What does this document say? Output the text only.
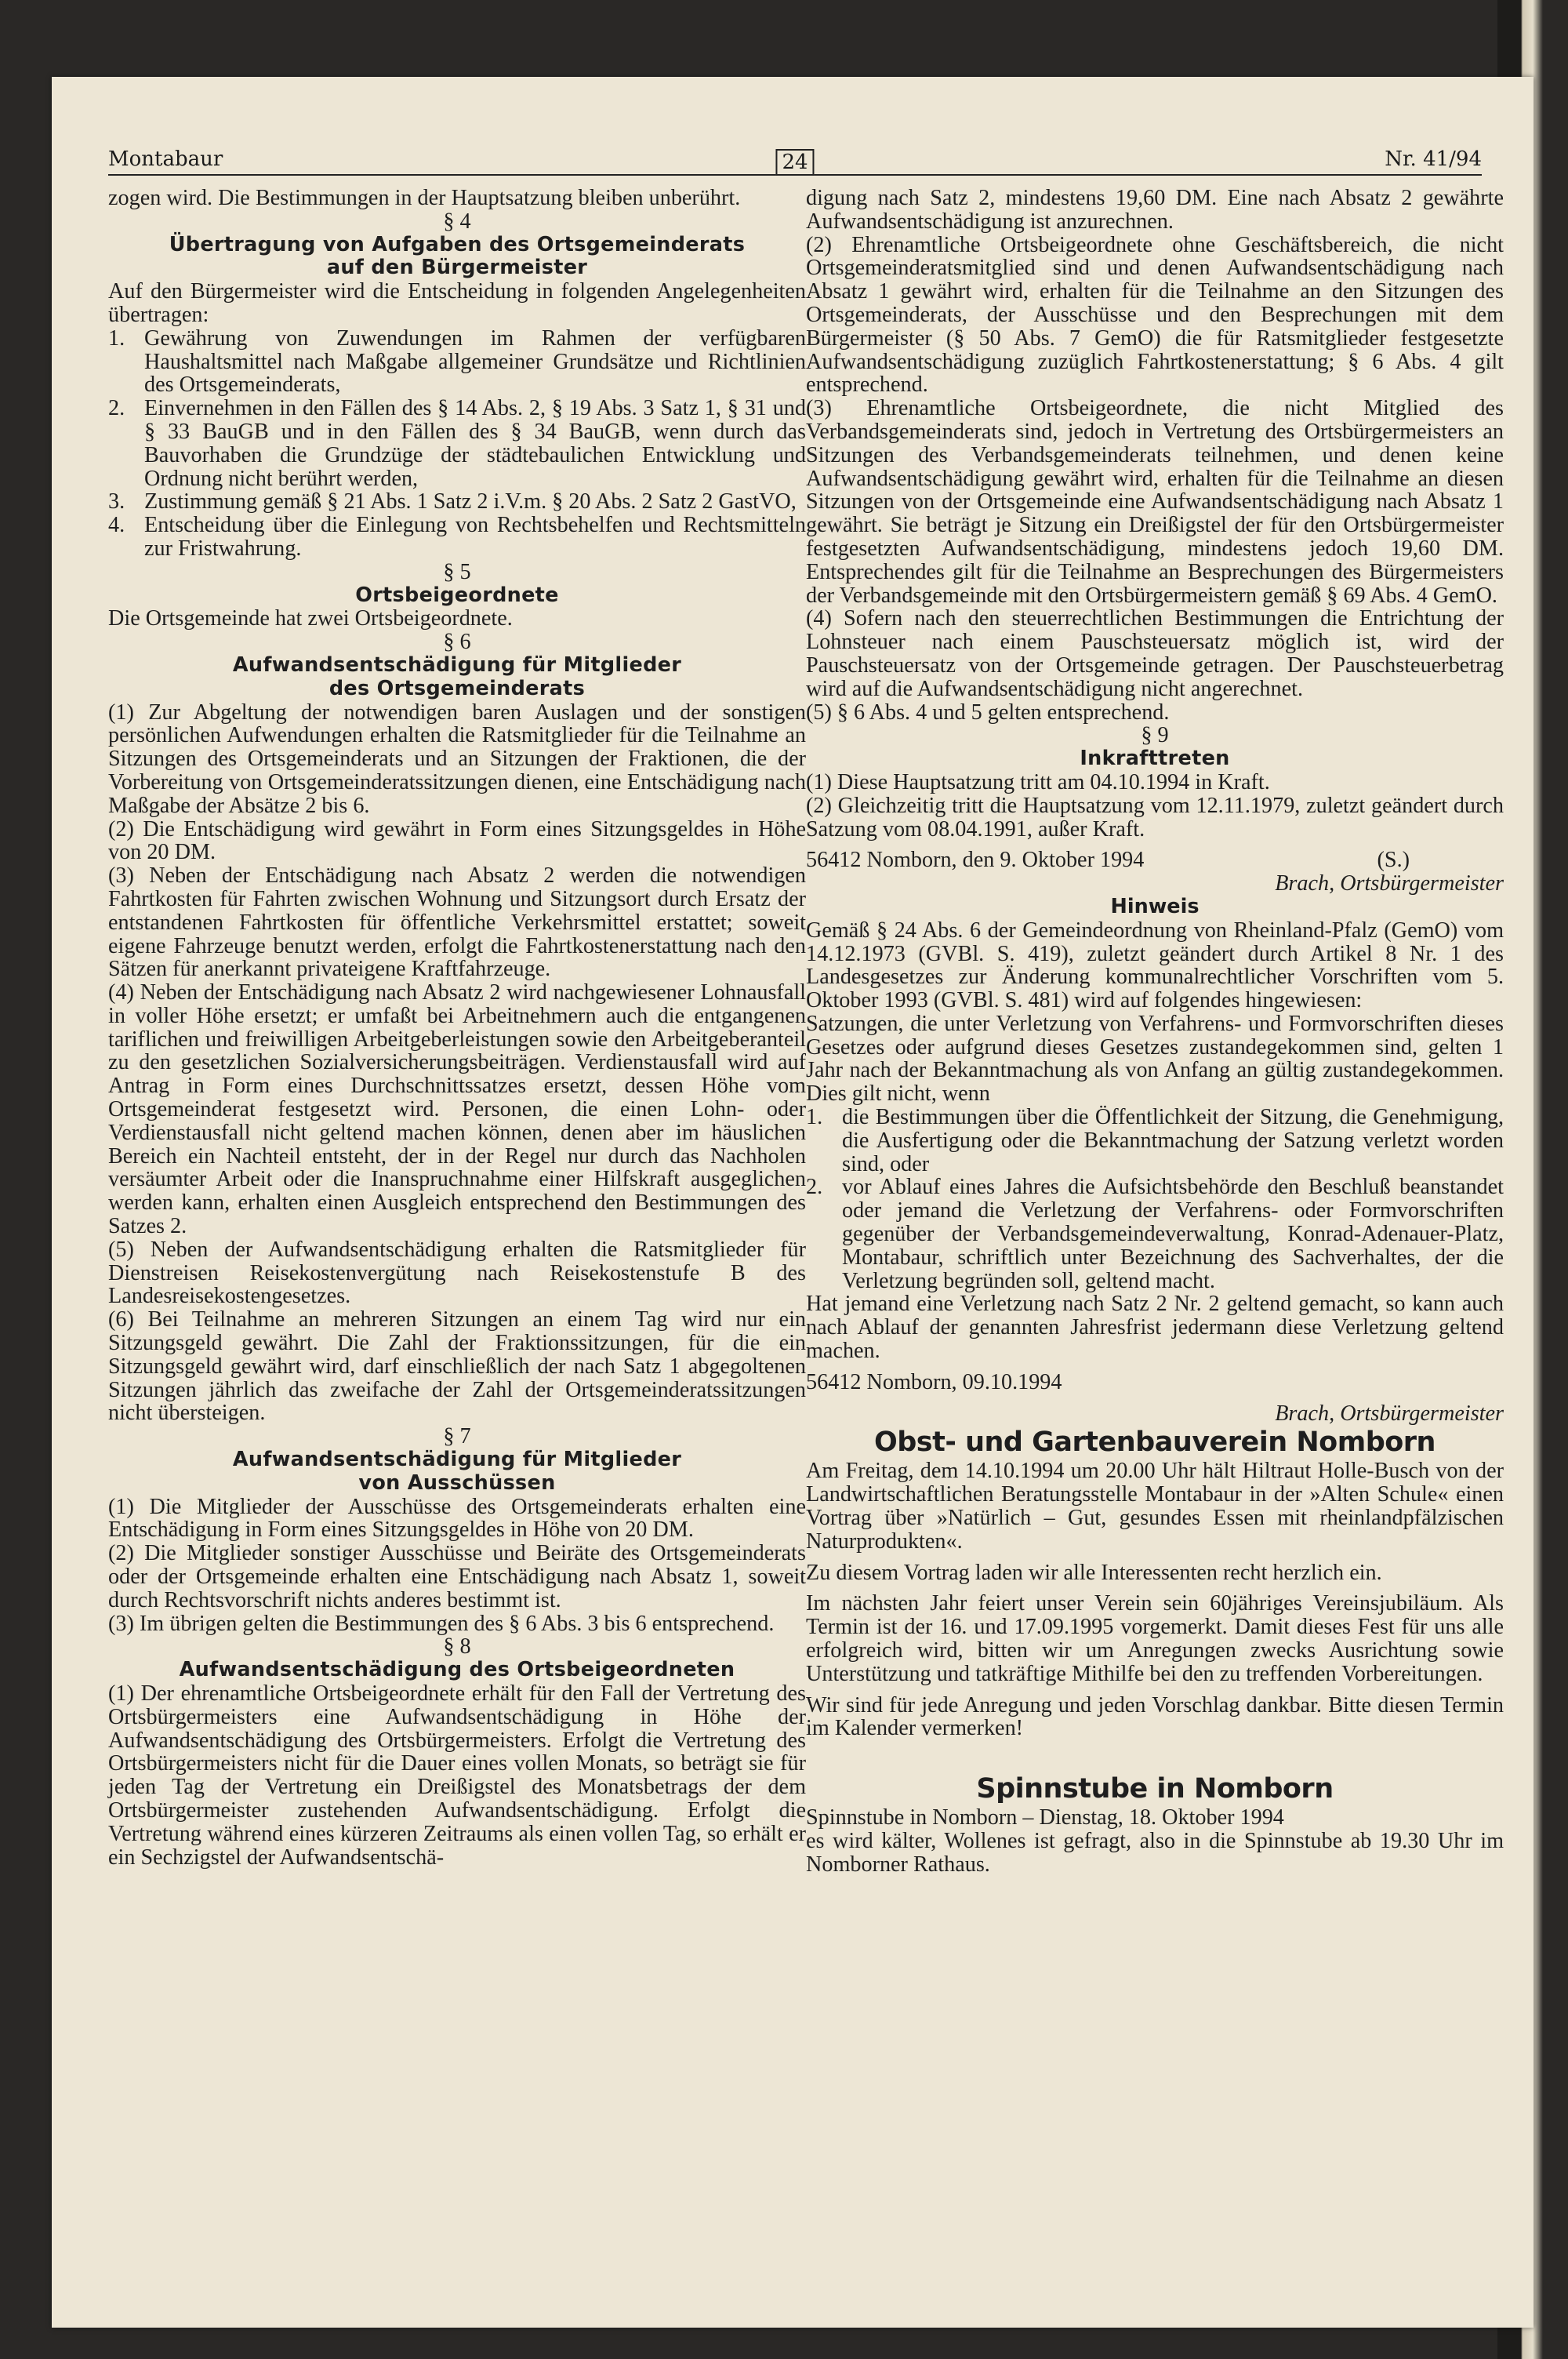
Montabaur	24	Nr. 41/94

zogen wird. Die Bestimmungen in der Hauptsatzung bleiben unberührt.

§ 4

Übertragung von Aufgaben des Ortsgemeinderats

auf den Bürgermeister

Auf den Bürgermeister wird die Entscheidung in folgenden Angelegenheiten übertragen:

1. Gewährung von Zuwendungen im Rahmen der verfügbaren Haushaltsmittel nach Maßgabe allgemeiner Grundsätze und Richtlinien des Ortsgemeinderats,
2. Einvernehmen in den Fällen des § 14 Abs. 2, § 19 Abs. 3 Satz 1, § 31 und § 33 BauGB und in den Fällen des § 34 BauGB, wenn durch das Bauvorhaben die Grundzüge der städtebaulichen Entwicklung und Ordnung nicht berührt werden,
3. Zustimmung gemäß § 21 Abs. 1 Satz 2 i.V.m. § 20 Abs. 2 Satz 2 GastVO,
4. Entscheidung über die Einlegung von Rechtsbehelfen und Rechtsmitteln zur Fristwahrung.

§ 5

Ortsbeigeordnete

Die Ortsgemeinde hat zwei Ortsbeigeordnete.

§ 6

Aufwandsentschädigung für Mitglieder

des Ortsgemeinderats

(1) Zur Abgeltung der notwendigen baren Auslagen und der sonstigen persönlichen Aufwendungen erhalten die Ratsmitglieder für die Teilnahme an Sitzungen des Ortsgemeinderats und an Sitzungen der Fraktionen, die der Vorbereitung von Ortsgemeinderatssitzungen dienen, eine Entschädigung nach Maßgabe der Absätze 2 bis 6.

(2) Die Entschädigung wird gewährt in Form eines Sitzungsgeldes in Höhe von 20 DM.

(3) Neben der Entschädigung nach Absatz 2 werden die notwendigen Fahrtkosten für Fahrten zwischen Wohnung und Sitzungsort durch Ersatz der entstandenen Fahrtkosten für öffentliche Verkehrsmittel erstattet; soweit eigene Fahrzeuge benutzt werden, erfolgt die Fahrtkostenerstattung nach den Sätzen für anerkannt privateigene Kraftfahrzeuge.

(4) Neben der Entschädigung nach Absatz 2 wird nachgewiesener Lohnausfall in voller Höhe ersetzt; er umfaßt bei Arbeitnehmern auch die entgangenen tariflichen und freiwilligen Arbeitgeberleistungen sowie den Arbeitgeberanteil zu den gesetzlichen Sozialversicherungsbeiträgen. Verdienstausfall wird auf Antrag in Form eines Durchschnittssatzes ersetzt, dessen Höhe vom Ortsgemeinderat festgesetzt wird. Personen, die einen Lohn- oder Verdienstausfall nicht geltend machen können, denen aber im häuslichen Bereich ein Nachteil entsteht, der in der Regel nur durch das Nachholen versäumter Arbeit oder die Inanspruchnahme einer Hilfskraft ausgeglichen werden kann, erhalten einen Ausgleich entsprechend den Bestimmungen des Satzes 2.

(5) Neben der Aufwandsentschädigung erhalten die Ratsmitglieder für Dienstreisen Reisekostenvergütung nach Reisekostenstufe B des Landesreisekostengesetzes.

(6) Bei Teilnahme an mehreren Sitzungen an einem Tag wird nur ein Sitzungsgeld gewährt. Die Zahl der Fraktionssitzungen, für die ein Sitzungsgeld gewährt wird, darf einschließlich der nach Satz 1 abgegoltenen Sitzungen jährlich das zweifache der Zahl der Ortsgemeinderatssitzungen nicht übersteigen.

§ 7

Aufwandsentschädigung für Mitglieder

von Ausschüssen

(1) Die Mitglieder der Ausschüsse des Ortsgemeinderats erhalten eine Entschädigung in Form eines Sitzungsgeldes in Höhe von 20 DM.

(2) Die Mitglieder sonstiger Ausschüsse und Beiräte des Ortsgemeinderats oder der Ortsgemeinde erhalten eine Entschädigung nach Absatz 1, soweit durch Rechtsvorschrift nichts anderes bestimmt ist.

(3) Im übrigen gelten die Bestimmungen des § 6 Abs. 3 bis 6 entsprechend.

§ 8

Aufwandsentschädigung des Ortsbeigeordneten

(1) Der ehrenamtliche Ortsbeigeordnete erhält für den Fall der Vertretung des Ortsbürgermeisters eine Aufwandsentschädigung in Höhe der Aufwandsentschädigung des Ortsbürgermeisters. Erfolgt die Vertretung des Ortsbürgermeisters nicht für die Dauer eines vollen Monats, so beträgt sie für jeden Tag der Vertretung ein Dreißigstel des Monatsbetrags der dem Ortsbürgermeister zustehenden Aufwandsentschädigung. Erfolgt die Vertretung während eines kürzeren Zeitraums als einen vollen Tag, so erhält er ein Sechzigstel der Aufwandsentschä-

digung nach Satz 2, mindestens 19,60 DM. Eine nach Absatz 2 gewährte Aufwandsentschädigung ist anzurechnen.

(2) Ehrenamtliche Ortsbeigeordnete ohne Geschäftsbereich, die nicht Ortsgemeinderatsmitglied sind und denen Aufwandsentschädigung nach Absatz 1 gewährt wird, erhalten für die Teilnahme an den Sitzungen des Ortsgemeinderats, der Ausschüsse und den Besprechungen mit dem Bürgermeister (§ 50 Abs. 7 GemO) die für Ratsmitglieder festgesetzte Aufwandsentschädigung zuzüglich Fahrtkostenerstattung; § 6 Abs. 4 gilt entsprechend.

(3) Ehrenamtliche Ortsbeigeordnete, die nicht Mitglied des Verbandsgemeinderats sind, jedoch in Vertretung des Ortsbürgermeisters an Sitzungen des Verbandsgemeinderats teilnehmen, und denen keine Aufwandsentschädigung gewährt wird, erhalten für die Teilnahme an diesen Sitzungen von der Ortsgemeinde eine Aufwandsentschädigung nach Absatz 1 gewährt. Sie beträgt je Sitzung ein Dreißigstel der für den Ortsbürgermeister festgesetzten Aufwandsentschädigung, mindestens jedoch 19,60 DM. Entsprechendes gilt für die Teilnahme an Besprechungen des Bürgermeisters der Verbandsgemeinde mit den Ortsbürgermeistern gemäß § 69 Abs. 4 GemO.

(4) Sofern nach den steuerrechtlichen Bestimmungen die Entrichtung der Lohnsteuer nach einem Pauschsteuersatz möglich ist, wird der Pauschsteuersatz von der Ortsgemeinde getragen. Der Pauschsteuerbetrag wird auf die Aufwandsentschädigung nicht angerechnet.

(5) § 6 Abs. 4 und 5 gelten entsprechend.

§ 9

Inkrafttreten

(1) Diese Hauptsatzung tritt am 04.10.1994 in Kraft.

(2) Gleichzeitig tritt die Hauptsatzung vom 12.11.1979, zuletzt geändert durch Satzung vom 08.04.1991, außer Kraft.

56412 Nomborn, den 9. Oktober 1994	(S.)

Brach, Ortsbürgermeister

Hinweis

Gemäß § 24 Abs. 6 der Gemeindeordnung von Rheinland-Pfalz (GemO) vom 14.12.1973 (GVBl. S. 419), zuletzt geändert durch Artikel 8 Nr. 1 des Landesgesetzes zur Änderung kommunalrechtlicher Vorschriften vom 5. Oktober 1993 (GVBl. S. 481) wird auf folgendes hingewiesen:

Satzungen, die unter Verletzung von Verfahrens- und Formvorschriften dieses Gesetzes oder aufgrund dieses Gesetzes zustandegekommen sind, gelten 1 Jahr nach der Bekanntmachung als von Anfang an gültig zustandegekommen. Dies gilt nicht, wenn

1. die Bestimmungen über die Öffentlichkeit der Sitzung, die Genehmigung, die Ausfertigung oder die Bekanntmachung der Satzung verletzt worden sind, oder
2. vor Ablauf eines Jahres die Aufsichtsbehörde den Beschluß beanstandet oder jemand die Verletzung der Verfahrens- oder Formvorschriften gegenüber der Verbandsgemeindeverwaltung, Konrad-Adenauer-Platz, Montabaur, schriftlich unter Bezeichnung des Sachverhaltes, der die Verletzung begründen soll, geltend macht.

Hat jemand eine Verletzung nach Satz 2 Nr. 2 geltend gemacht, so kann auch nach Ablauf der genannten Jahresfrist jedermann diese Verletzung geltend machen.

56412 Nomborn, 09.10.1994

Brach, Ortsbürgermeister

Obst- und Gartenbauverein Nomborn

Am Freitag, dem 14.10.1994 um 20.00 Uhr hält Hiltraut Holle-Busch von der Landwirtschaftlichen Beratungsstelle Montabaur in der »Alten Schule« einen Vortrag über »Natürlich – Gut, gesundes Essen mit rheinlandpfälzischen Naturprodukten«.

Zu diesem Vortrag laden wir alle Interessenten recht herzlich ein.

Im nächsten Jahr feiert unser Verein sein 60jähriges Vereinsjubiläum. Als Termin ist der 16. und 17.09.1995 vorgemerkt. Damit dieses Fest für uns alle erfolgreich wird, bitten wir um Anregungen zwecks Ausrichtung sowie Unterstützung und tatkräftige Mithilfe bei den zu treffenden Vorbereitungen.

Wir sind für jede Anregung und jeden Vorschlag dankbar. Bitte diesen Termin im Kalender vermerken!

Spinnstube in Nomborn

Spinnstube in Nomborn – Dienstag, 18. Oktober 1994

es wird kälter, Wollenes ist gefragt, also in die Spinnstube ab 19.30 Uhr im Nomborner Rathaus.
